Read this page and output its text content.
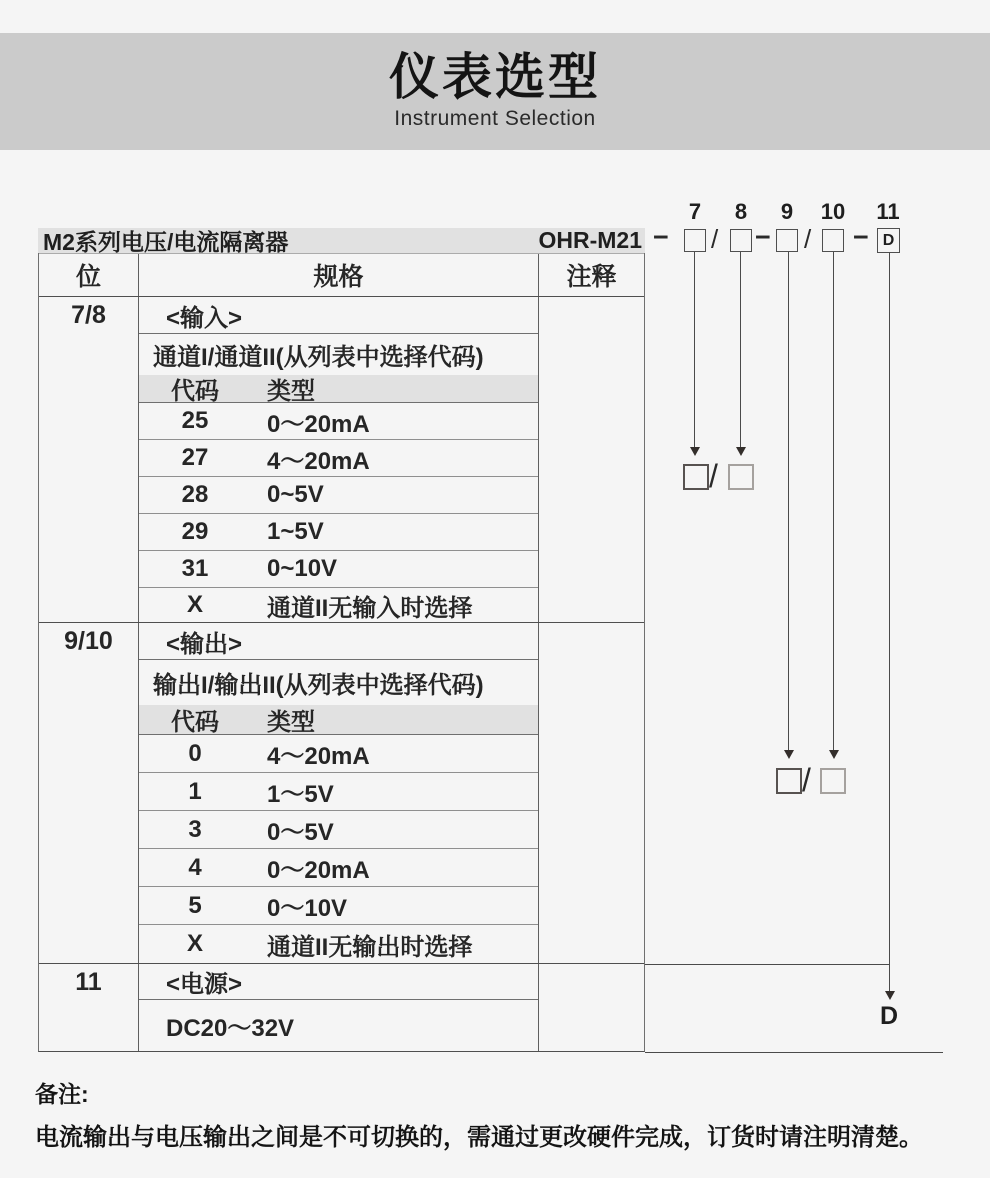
仪表选型
Instrument Selection
M2系列电压/电流隔离器	OHR-M21
位	规格	注释
7/8	<输入>
通道I/通道II(从列表中选择代码)
代码 类型
25	0～20mA
27	4～20mA
28	0~5V
29	1~5V
31	0~10V
X	通道II无输入时选择
9/10	<输出>
输出I/输出II(从列表中选择代码)
代码 类型
0	4～20mA
1	1～5V
3	0～5V
4	0～20mA
5	0～10V
X	通道II无输出时选择
11	<电源>
DC20～32V
7 8 9 10 11
− / − / − D
/
/
D
备注:
电流输出与电压输出之间是不可切换的，需通过更改硬件完成，订货时请注明清楚。
